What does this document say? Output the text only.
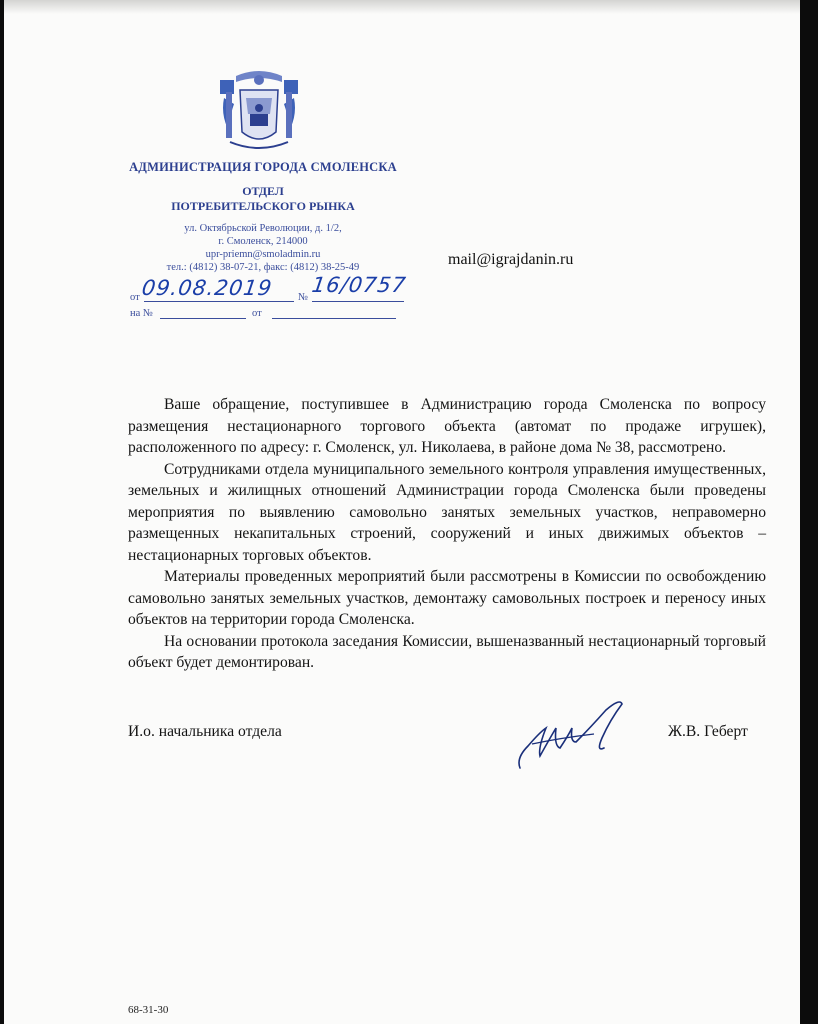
АДМИНИСТРАЦИЯ ГОРОДА СМОЛЕНСКА
ОТДЕЛ
ПОТРЕБИТЕЛЬСКОГО РЫНКА
ул. Октябрьской Революции, д. 1/2,
г. Смоленск, 214000
upr-priemn@smoladmin.ru
тел.: (4812) 38-07-21, факс: (4812) 38-25-49
от 09.08.2019 №
16/0757
на №	от
mail@igrajdanin.ru

Ваше обращение, поступившее в Администрацию города Смоленска по вопросу размещения нестационарного торгового объекта (автомат по продаже игрушек), расположенного по адресу: г. Смоленск, ул. Николаева, в районе дома № 38, рассмотрено.

Сотрудниками отдела муниципального земельного контроля управления имущественных, земельных и жилищных отношений Администрации города Смоленска были проведены мероприятия по выявлению самовольно занятых земельных участков, неправомерно размещенных некапитальных строений, сооружений и иных движимых объектов – нестационарных торговых объектов.

Материалы проведенных мероприятий были рассмотрены в Комиссии по освобождению самовольно занятых земельных участков, демонтажу самовольных построек и переносу иных объектов на территории города Смоленска.

На основании протокола заседания Комиссии, вышеназванный нестационарный торговый объект будет демонтирован.

И.о. начальника отдела	Ж.В. Геберт
68-31-30
